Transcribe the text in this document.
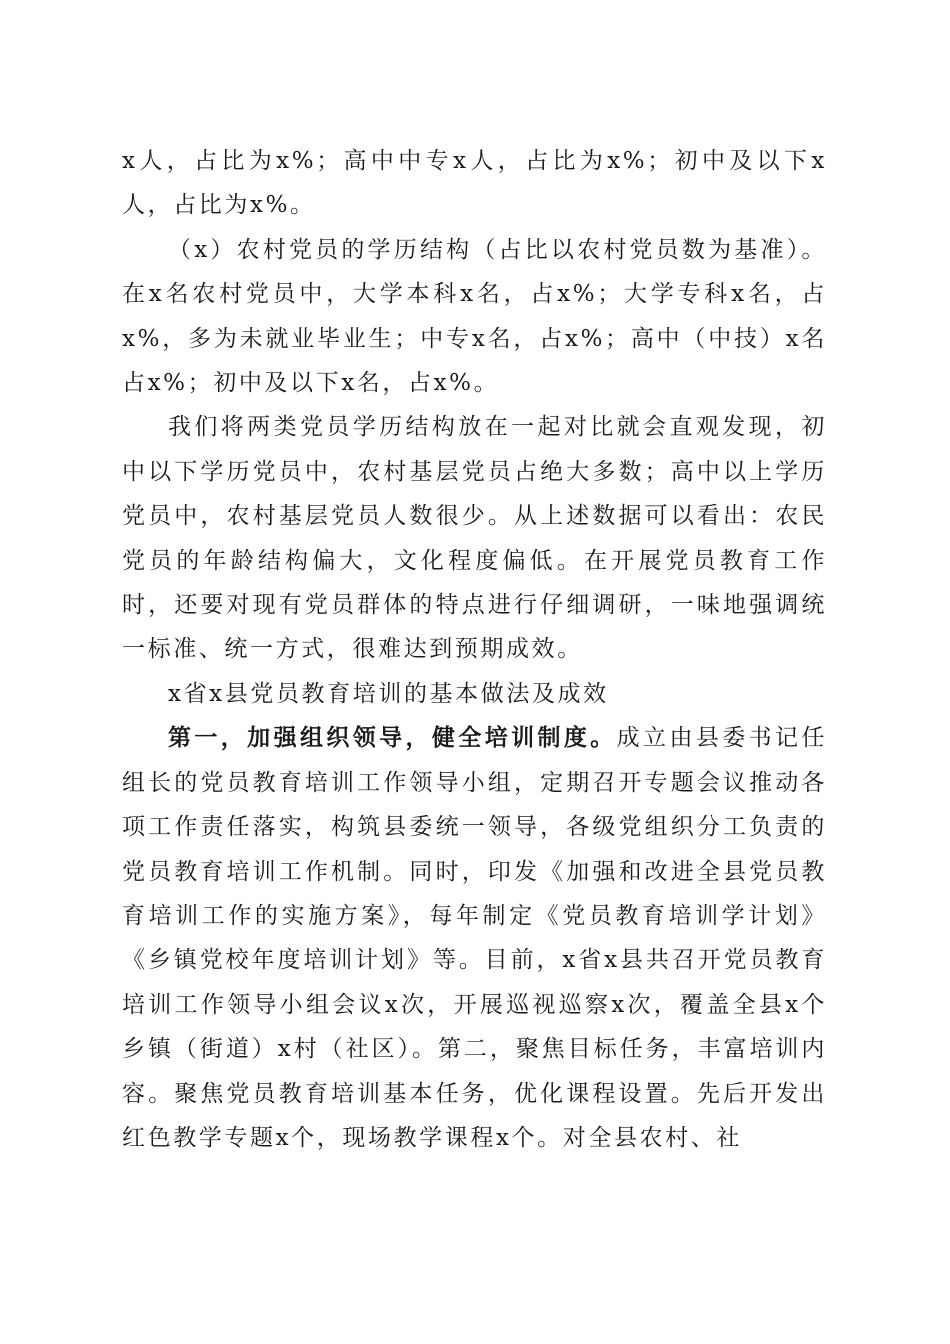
x人，占比为x%；高中中专x人，占比为x%；初中及以下x人，占比为x%。

（x）农村党员的学历结构（占比以农村党员数为基准）。在x名农村党员中，大学本科x名，占x%；大学专科x名，占x%，多为未就业毕业生；中专x名，占x%；高中（中技）x名占x%；初中及以下x名，占x%。

我们将两类党员学历结构放在一起对比就会直观发现，初中以下学历党员中，农村基层党员占绝大多数；高中以上学历党员中，农村基层党员人数很少。从上述数据可以看出：农民党员的年龄结构偏大，文化程度偏低。在开展党员教育工作时，还要对现有党员群体的特点进行仔细调研，一味地强调统一标准、统一方式，很难达到预期成效。

x省x县党员教育培训的基本做法及成效

第一，加强组织领导，健全培训制度。成立由县委书记任组长的党员教育培训工作领导小组，定期召开专题会议推动各项工作责任落实，构筑县委统一领导，各级党组织分工负责的党员教育培训工作机制。同时，印发《加强和改进全县党员教育培训工作的实施方案》，每年制定《党员教育培训学计划》《乡镇党校年度培训计划》等。目前，x省x县共召开党员教育培训工作领导小组会议x次，开展巡视巡察x次，覆盖全县x个乡镇（街道）x村（社区）。第二，聚焦目标任务，丰富培训内容。聚焦党员教育培训基本任务，优化课程设置。先后开发出红色教学专题x个，现场教学课程x个。对全县农村、社
